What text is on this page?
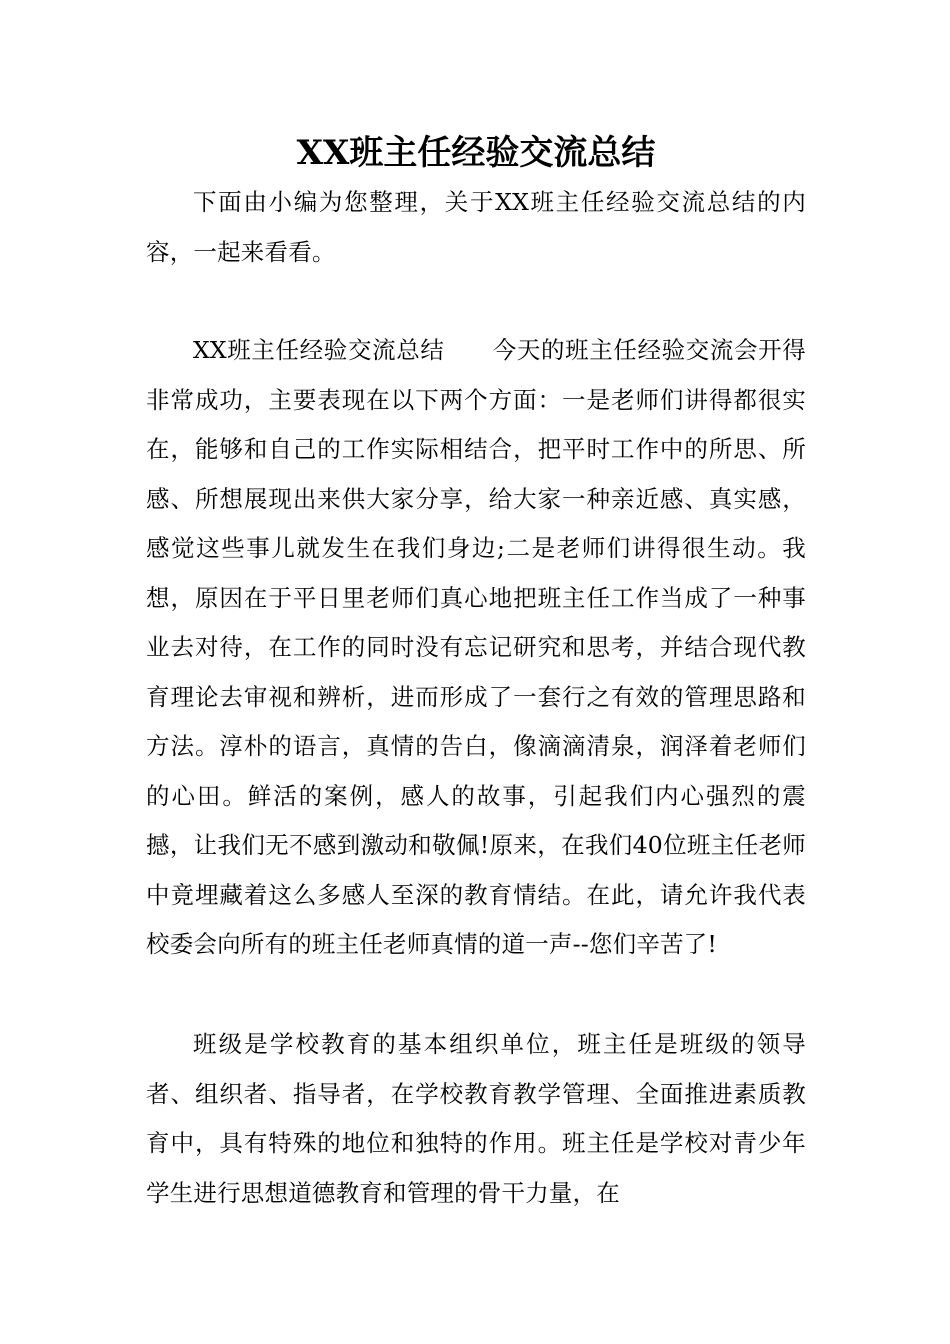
XX班主任经验交流总结

下面由小编为您整理，关于XX班主任经验交流总结的内容，一起来看看。

XX班主任经验交流总结　　今天的班主任经验交流会开得非常成功，主要表现在以下两个方面：一是老师们讲得都很实在，能够和自己的工作实际相结合，把平时工作中的所思、所感、所想展现出来供大家分享，给大家一种亲近感、真实感，感觉这些事儿就发生在我们身边;二是老师们讲得很生动。我想，原因在于平日里老师们真心地把班主任工作当成了一种事业去对待，在工作的同时没有忘记研究和思考，并结合现代教育理论去审视和辨析，进而形成了一套行之有效的管理思路和方法。淳朴的语言，真情的告白，像滴滴清泉，润泽着老师们的心田。鲜活的案例，感人的故事，引起我们内心强烈的震撼，让我们无不感到激动和敬佩!原来，在我们40位班主任老师中竟埋藏着这么多感人至深的教育情结。在此，请允许我代表校委会向所有的班主任老师真情的道一声--您们辛苦了!

班级是学校教育的基本组织单位，班主任是班级的领导者、组织者、指导者，在学校教育教学管理、全面推进素质教育中，具有特殊的地位和独特的作用。班主任是学校对青少年学生进行思想道德教育和管理的骨干力量，在
